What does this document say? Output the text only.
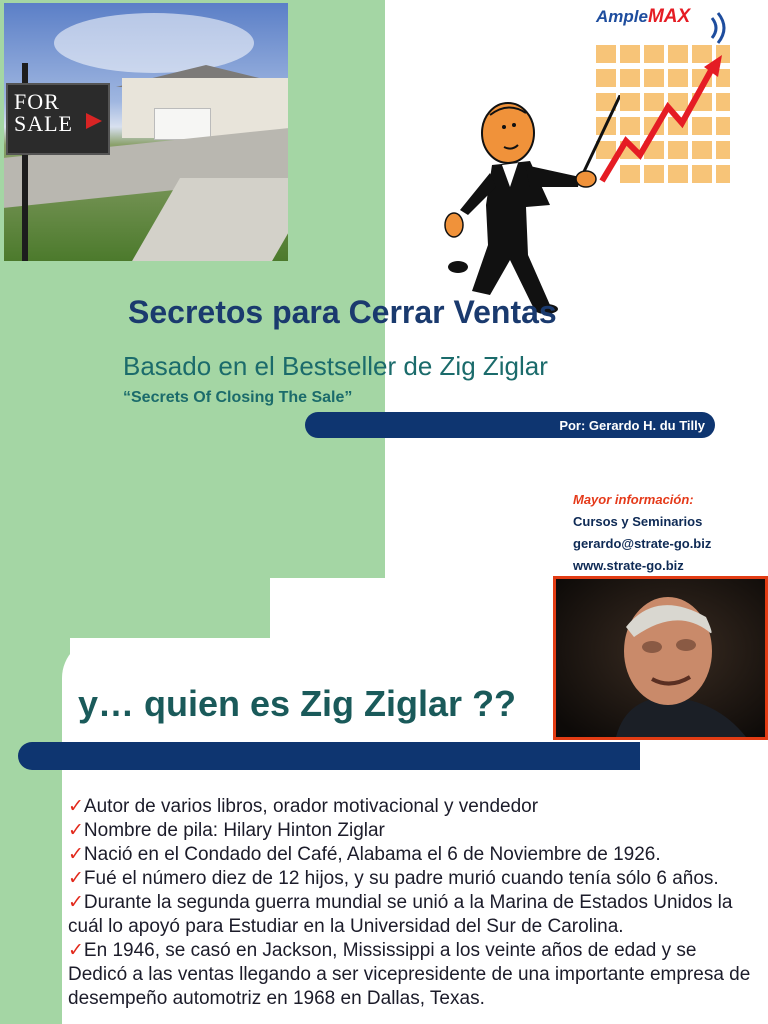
FOR
SALE
AmpleMAX
Secretos para Cerrar Ventas
Basado en el Bestseller de Zig Ziglar
“Secrets Of Closing The Sale”
Por: Gerardo H. du Tilly
Mayor información:
Cursos y Seminarios
gerardo@strate-go.biz
www.strate-go.biz
y… quien es Zig Ziglar ??

✓Autor de varios libros, orador motivacional y vendedor

✓Nombre de pila: Hilary Hinton Ziglar

✓Nació en el Condado del Café, Alabama el 6 de Noviembre de 1926.

✓Fué el número diez de 12 hijos, y su padre murió cuando tenía sólo 6 años.

✓Durante la segunda guerra mundial se unió a la Marina de Estados Unidos la cuál lo apoyó para Estudiar en la Universidad del Sur de Carolina.

✓En 1946, se casó en Jackson, Mississippi a los veinte años de edad y se Dedicó a las ventas llegando a ser vicepresidente de una importante empresa de desempeño automotriz en 1968 en Dallas, Texas.
